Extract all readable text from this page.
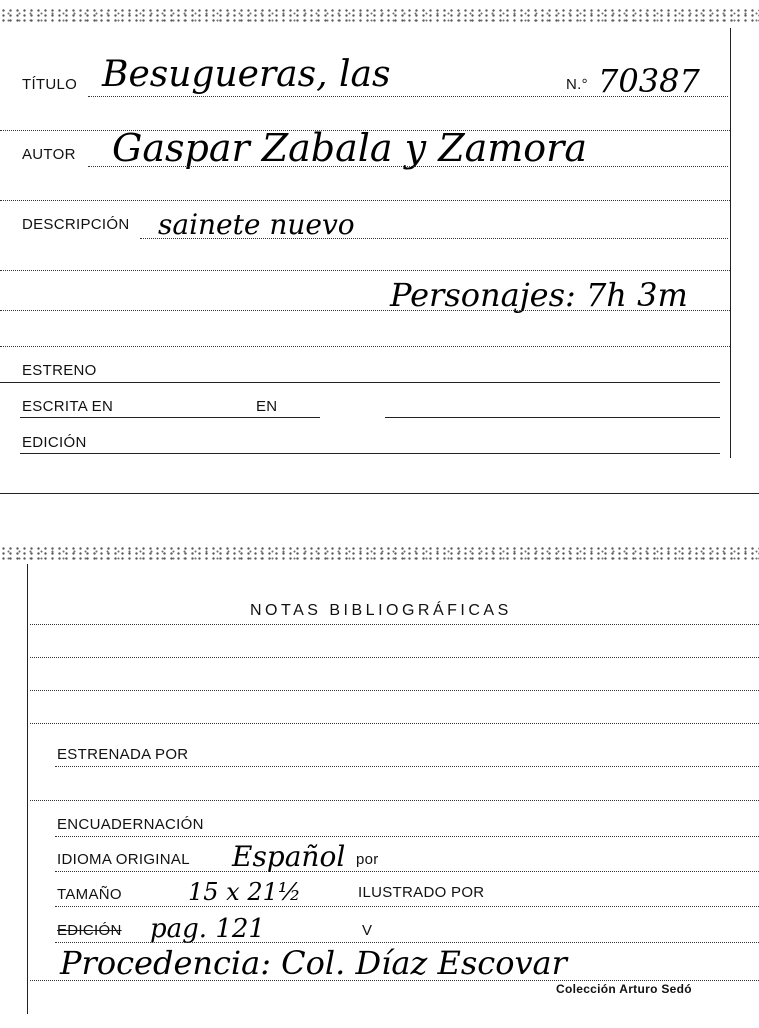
TÍTULO Besugueras, las	N.° 70387
AUTOR Gaspar Zabala y Zamora
DESCRIPCIÓN sainete nuevo
Personajes: 7h 3m
ESTRENO
ESCRITA EN	EN
EDICIÓN
NOTAS BIBLIOGRÁFICAS
ESTRENADA POR
ENCUADERNACIÓN
IDIOMA ORIGINAL Español por
TAMAÑO	15 x 21½	ILUSTRADO POR
EDICIÓN pag. 121	V
Procedencia: Col. Díaz Escovar
Colección Arturo Sedó
